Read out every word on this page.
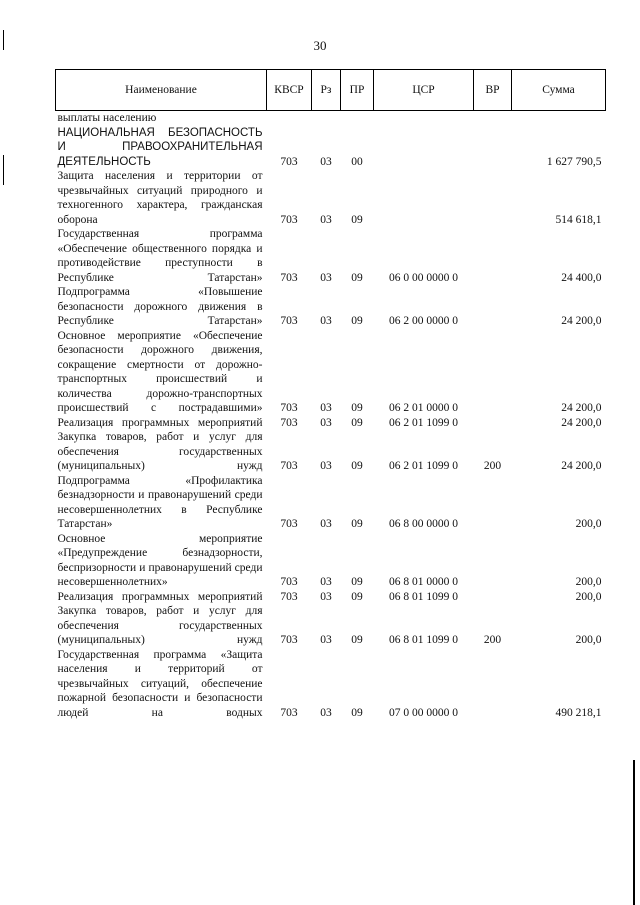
30
Наименование	КВСР	Рз	ПР	ЦСР	ВР	Сумма
выплаты населению						
НАЦИОНАЛЬНАЯ БЕЗОПАСНОСТЬ И ПРАВООХРАНИТЕЛЬНАЯ ДЕЯТЕЛЬНОСТЬ	703	03	00			1 627 790,5
Защита населения и территории от чрезвычайных ситуаций природного и техногенного характера, гражданская оборона	703	03	09			514 618,1
Государственная программа «Обеспечение общественного порядка и противодействие преступности в Республике Татарстан»	703	03	09	06 0 00 0000 0		24 400,0
Подпрограмма «Повышение безопасности дорожного движения в Республике Татарстан»	703	03	09	06 2 00 0000 0		24 200,0
Основное мероприятие «Обеспечение безопасности дорожного движения, сокращение смертности от дорожно-транспортных происшествий и количества дорожно-транспортных происшествий с пострадавшими»	703	03	09	06 2 01 0000 0		24 200,0
Реализация программных мероприятий	703	03	09	06 2 01 1099 0		24 200,0
Закупка товаров, работ и услуг для обеспечения государственных (муниципальных) нужд	703	03	09	06 2 01 1099 0	200	24 200,0
Подпрограмма «Профилактика безнадзорности и правонарушений среди несовершеннолетних в Республике Татарстан»	703	03	09	06 8 00 0000 0		200,0
Основное мероприятие «Предупреждение безнадзорности, беспризорности и правонарушений среди несовершеннолетних»	703	03	09	06 8 01 0000 0		200,0
Реализация программных мероприятий	703	03	09	06 8 01 1099 0		200,0
Закупка товаров, работ и услуг для обеспечения государственных (муниципальных) нужд	703	03	09	06 8 01 1099 0	200	200,0
Государственная программа «Защита населения и территорий от чрезвычайных ситуаций, обеспечение пожарной безопасности и безопасности людей на водных	703	03	09	07 0 00 0000 0		490 218,1
